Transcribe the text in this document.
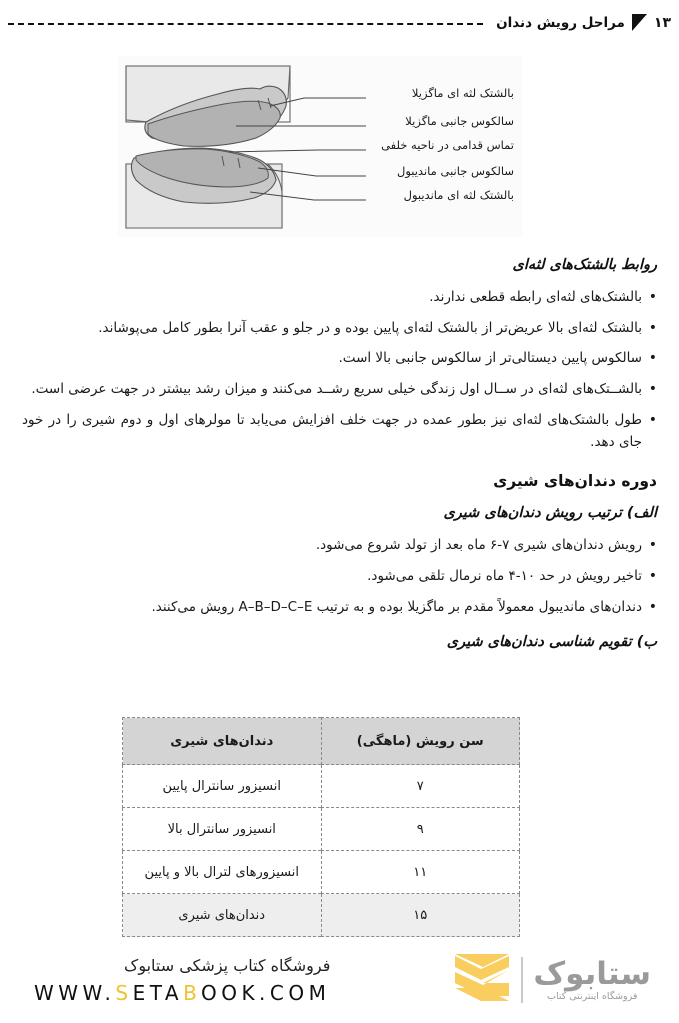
۱۳
مراحل رویش دندان
بالشتک لثه ای ماگزیلا
سالکوس جانبی ماگزیلا
تماس قدامی در ناحیه خلفی
سالکوس جانبی ماندیبول
بالشتک لثه ای ماندیبول
روابط بالشتک‌های لثه‌ای
• بالشتک‌های لثه‌ای رابطه قطعی ندارند.
• بالشتک لثه‌ای بالا عریض‌تر از بالشتک لثه‌ای پایین بوده و در جلو و عقب آنرا بطور کامل می‌پوشاند.
• سالکوس پایین دیستالی‌تر از سالکوس جانبی بالا است.
• بالشــتک‌های لثه‌ای در ســال اول زندگی خیلی سریع رشــد می‌کنند و میزان رشد بیشتر در جهت عرضی است.
• طول بالشتک‌های لثه‌ای نیز بطور عمده در جهت خلف افزایش می‌یابد تا مولرهای اول و دوم شیری را در خود جای دهد.
دوره دندان‌های شیری
الف) ترتیب رویش دندان‌های شیری
• رویش دندان‌های شیری ۷-۶ ماه بعد از تولد شروع می‌شود.
• تاخیر رویش در حد ۱۰-۴ ماه نرمال تلقی می‌شود.
• دندان‌های ماندیبول معمولاً مقدم بر ماگزیلا بوده و به ترتیب A–B–D–C–E رویش می‌کنند.
ب) تقویم شناسی دندان‌های شیری
سن رویش (ماهگی)	دندان‌های شیری
۷	انسیزور سانترال پایین
۹	انسیزور سانترال بالا
۱۱	انسیزورهای لترال بالا و پایین
۱۵	دندان‌های شیری
فروشگاه کتاب پزشکی ستابوک
WWW.SETABOOK.COM
ستابوک
فروشگاه اینترنتی کتاب
